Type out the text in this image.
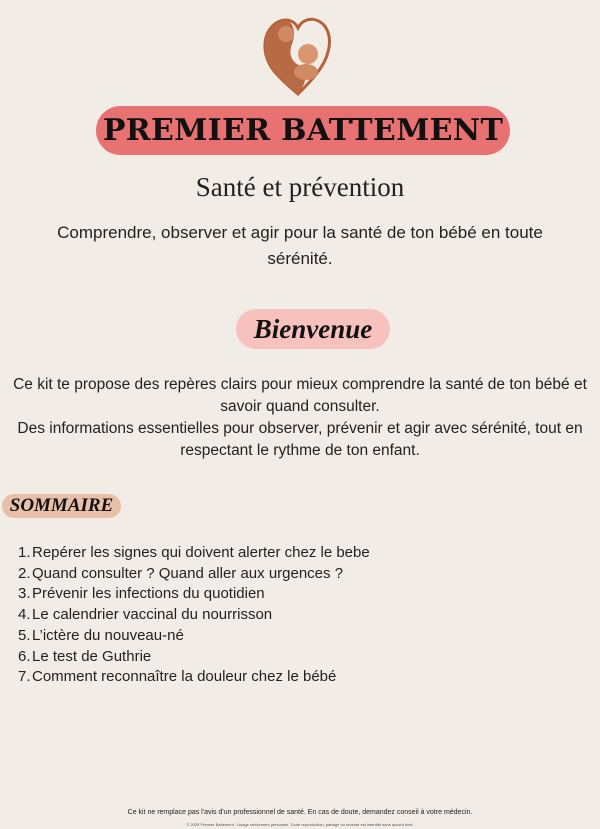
PREMIER BATTEMENT
Santé et prévention
Comprendre, observer et agir pour la santé de ton bébé en toute sérénité.
Bienvenue

Ce kit te propose des repères clairs pour mieux comprendre la santé de ton bébé et savoir quand consulter.

Des informations essentielles pour observer, prévenir et agir avec sérénité, tout en respectant le rythme de ton enfant.

SOMMAIRE
1.Repérer les signes qui doivent alerter chez le bebe
2.Quand consulter ? Quand aller aux urgences ?
3.Prévenir les infections du quotidien
4.Le calendrier vaccinal du nourrisson
5.L’ictère du nouveau-né
6.Le test de Guthrie
7.Comment reconnaître la douleur chez le bébé
Ce kit ne remplace pas l'avis d'un professionnel de santé. En cas de doute, demandez conseil à votre médecin.
© 2025 Premier Battement - Usage strictement personnel. Toute reproduction, partage ou revente est interdite sans accord écrit.
